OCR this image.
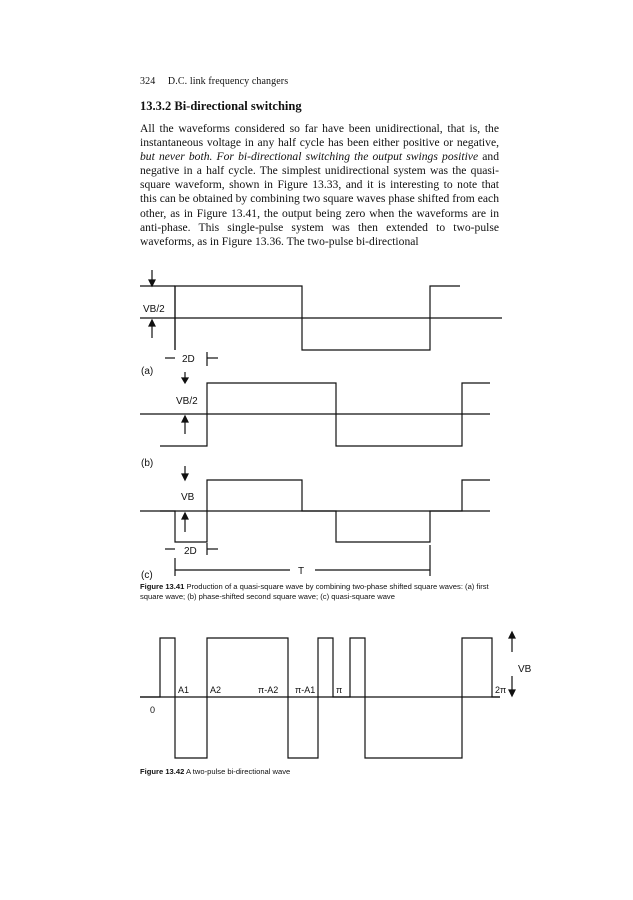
324 D.C. link frequency changers
13.3.2 Bi-directional switching

All the waveforms considered so far have been unidirectional, that is, the instantaneous voltage in any half cycle has been either positive or negative, but never both. For bi-directional switching the output swings positive and negative in a half cycle. The simplest unidirectional system was the quasi-square waveform, shown in Figure 13.33, and it is interesting to note that this can be obtained by combining two square waves phase shifted from each other, as in Figure 13.41, the output being zero when the waveforms are in anti-phase. This single-pulse system was then extended to two-pulse waveforms, as in Figure 13.36. The two-pulse bi-directional

(a)
VB/2
2D
(b)
VB/2
(c)
VB
2D
T
Figure 13.41 Production of a quasi-square wave by combining two-phase shifted square waves: (a) first square wave; (b) phase-shifted second square wave; (c) quasi-square wave
0
A1 A2	π-A2 π-A1 π	2π
VB
Figure 13.42 A two-pulse bi-directional wave
